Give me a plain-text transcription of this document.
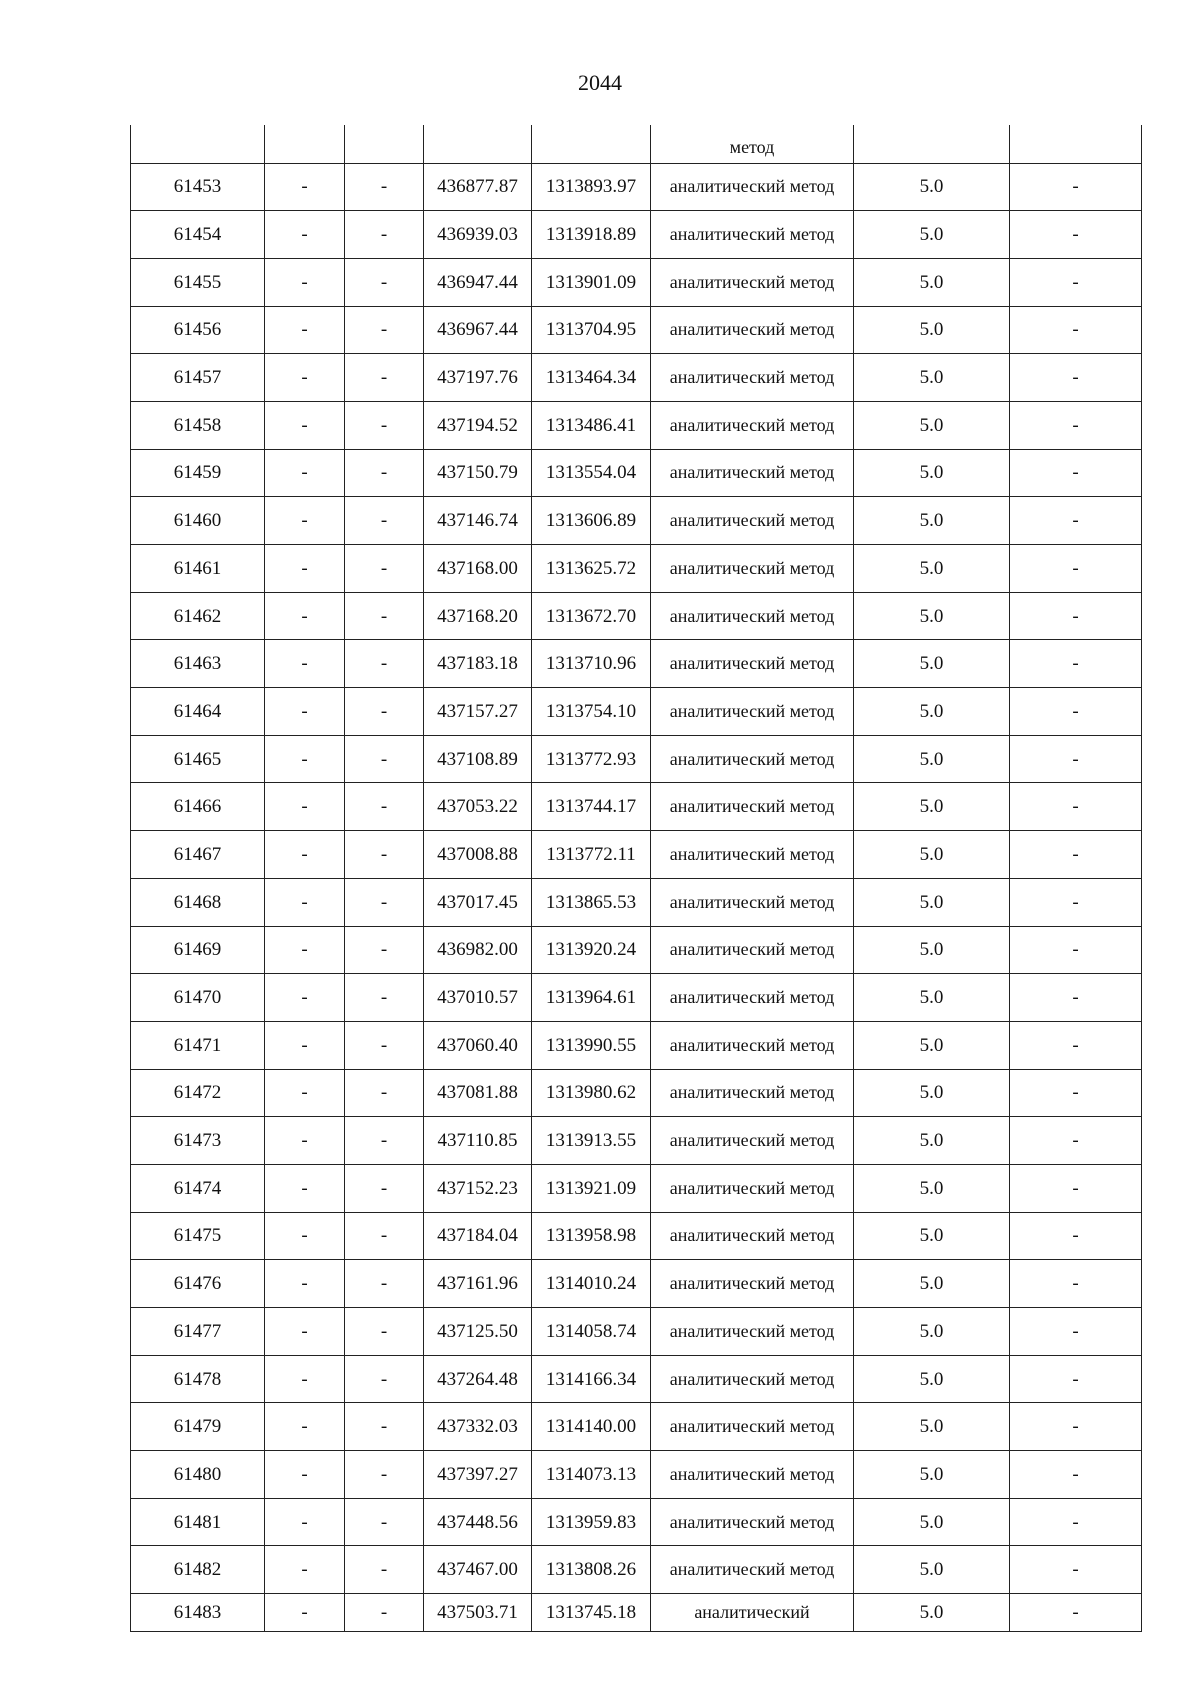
2044
					метод		
61453	-	-	436877.87	1313893.97	аналитический метод	5.0	-
61454	-	-	436939.03	1313918.89	аналитический метод	5.0	-
61455	-	-	436947.44	1313901.09	аналитический метод	5.0	-
61456	-	-	436967.44	1313704.95	аналитический метод	5.0	-
61457	-	-	437197.76	1313464.34	аналитический метод	5.0	-
61458	-	-	437194.52	1313486.41	аналитический метод	5.0	-
61459	-	-	437150.79	1313554.04	аналитический метод	5.0	-
61460	-	-	437146.74	1313606.89	аналитический метод	5.0	-
61461	-	-	437168.00	1313625.72	аналитический метод	5.0	-
61462	-	-	437168.20	1313672.70	аналитический метод	5.0	-
61463	-	-	437183.18	1313710.96	аналитический метод	5.0	-
61464	-	-	437157.27	1313754.10	аналитический метод	5.0	-
61465	-	-	437108.89	1313772.93	аналитический метод	5.0	-
61466	-	-	437053.22	1313744.17	аналитический метод	5.0	-
61467	-	-	437008.88	1313772.11	аналитический метод	5.0	-
61468	-	-	437017.45	1313865.53	аналитический метод	5.0	-
61469	-	-	436982.00	1313920.24	аналитический метод	5.0	-
61470	-	-	437010.57	1313964.61	аналитический метод	5.0	-
61471	-	-	437060.40	1313990.55	аналитический метод	5.0	-
61472	-	-	437081.88	1313980.62	аналитический метод	5.0	-
61473	-	-	437110.85	1313913.55	аналитический метод	5.0	-
61474	-	-	437152.23	1313921.09	аналитический метод	5.0	-
61475	-	-	437184.04	1313958.98	аналитический метод	5.0	-
61476	-	-	437161.96	1314010.24	аналитический метод	5.0	-
61477	-	-	437125.50	1314058.74	аналитический метод	5.0	-
61478	-	-	437264.48	1314166.34	аналитический метод	5.0	-
61479	-	-	437332.03	1314140.00	аналитический метод	5.0	-
61480	-	-	437397.27	1314073.13	аналитический метод	5.0	-
61481	-	-	437448.56	1313959.83	аналитический метод	5.0	-
61482	-	-	437467.00	1313808.26	аналитический метод	5.0	-
61483	-	-	437503.71	1313745.18	аналитический	5.0	-
